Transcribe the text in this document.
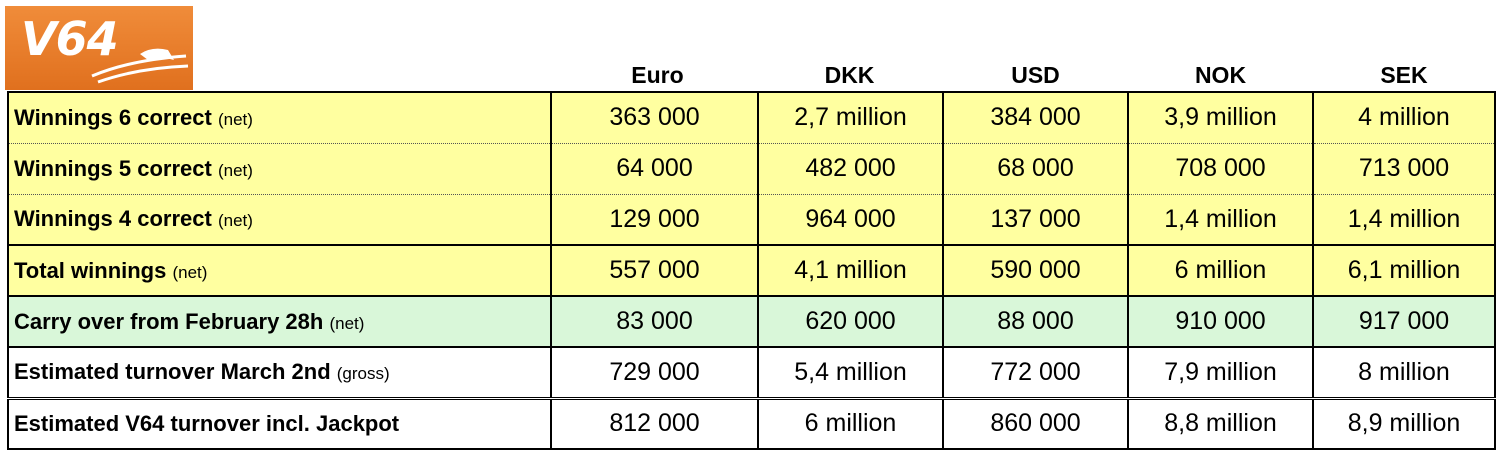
V64
Euro	DKK	USD	NOK	SEK
Winnings 6 correct (net)	363 000	2,7 million	384 000	3,9 million	4 million
Winnings 5 correct (net)	64 000	482 000	68 000	708 000	713 000
Winnings 4 correct (net)	129 000	964 000	137 000	1,4 million	1,4 million
Total winnings (net)	557 000	4,1 million	590 000	6 million	6,1 million
Carry over from February 28h (net)	83 000	620 000	88 000	910 000	917 000
Estimated turnover March 2nd (gross)	729 000	5,4 million	772 000	7,9 million	8 million
Estimated V64 turnover incl. Jackpot	812 000	6 million	860 000	8,8 million	8,9 million
